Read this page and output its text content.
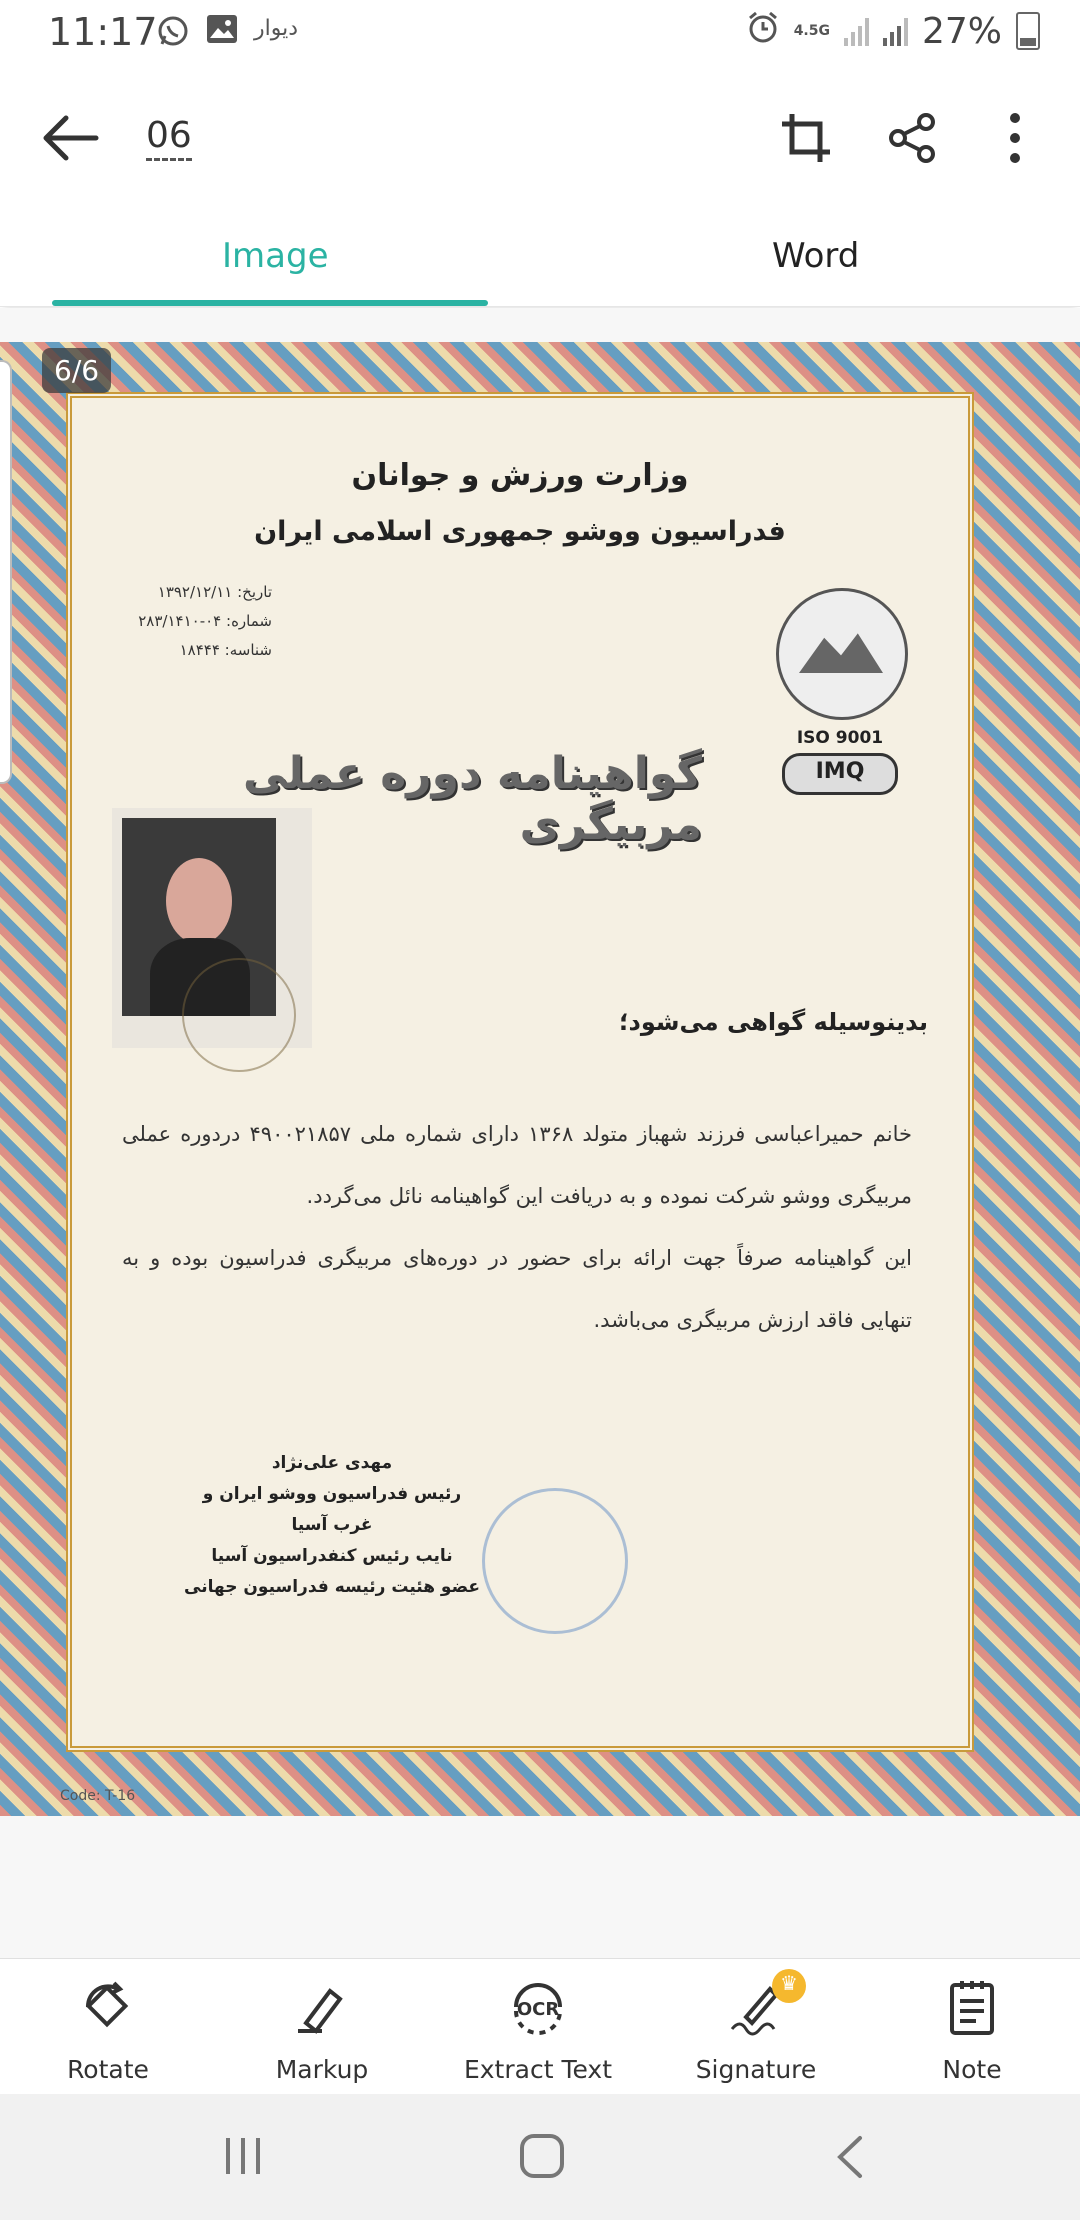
11:17	دیوار	4.5G	27%
06
Image	Word
6/6
وزارت ورزش و جوانان
فدراسیون ووشو جمهوری اسلامی ایران
تاریخ: ۱۳۹۲/۱۲/۱۱
شماره: ۰۴-۲۸۳/۱۴۱۰
شناسه: ۱۸۴۴۴
ISO 9001
IMQ
گواهینامه دوره عملی مربیگری
بدینوسیله گواهی می‌شود؛
خانم حمیراعباسی فرزند شهباز متولد ۱۳۶۸ دارای شماره ملی ۴۹۰۰۲۱۸۵۷ دردوره عملی مربیگری ووشو شرکت نموده و به دریافت این گواهینامه نائل می‌گردد.
این گواهینامه صرفاً جهت ارائه برای حضور در دوره‌های مربیگری فدراسیون بوده و به تنهایی فاقد ارزش مربیگری می‌باشد.
مهدی علی‌نژاد
رئیس فدراسیون ووشو ایران و غرب آسیا
نایب رئیس کنفدراسیون آسیا
عضو هئیت رئیسه فدراسیون جهانی
Code: T-16
Rotate	Markup
OCR
Extract Text
♛	Signature	Note
